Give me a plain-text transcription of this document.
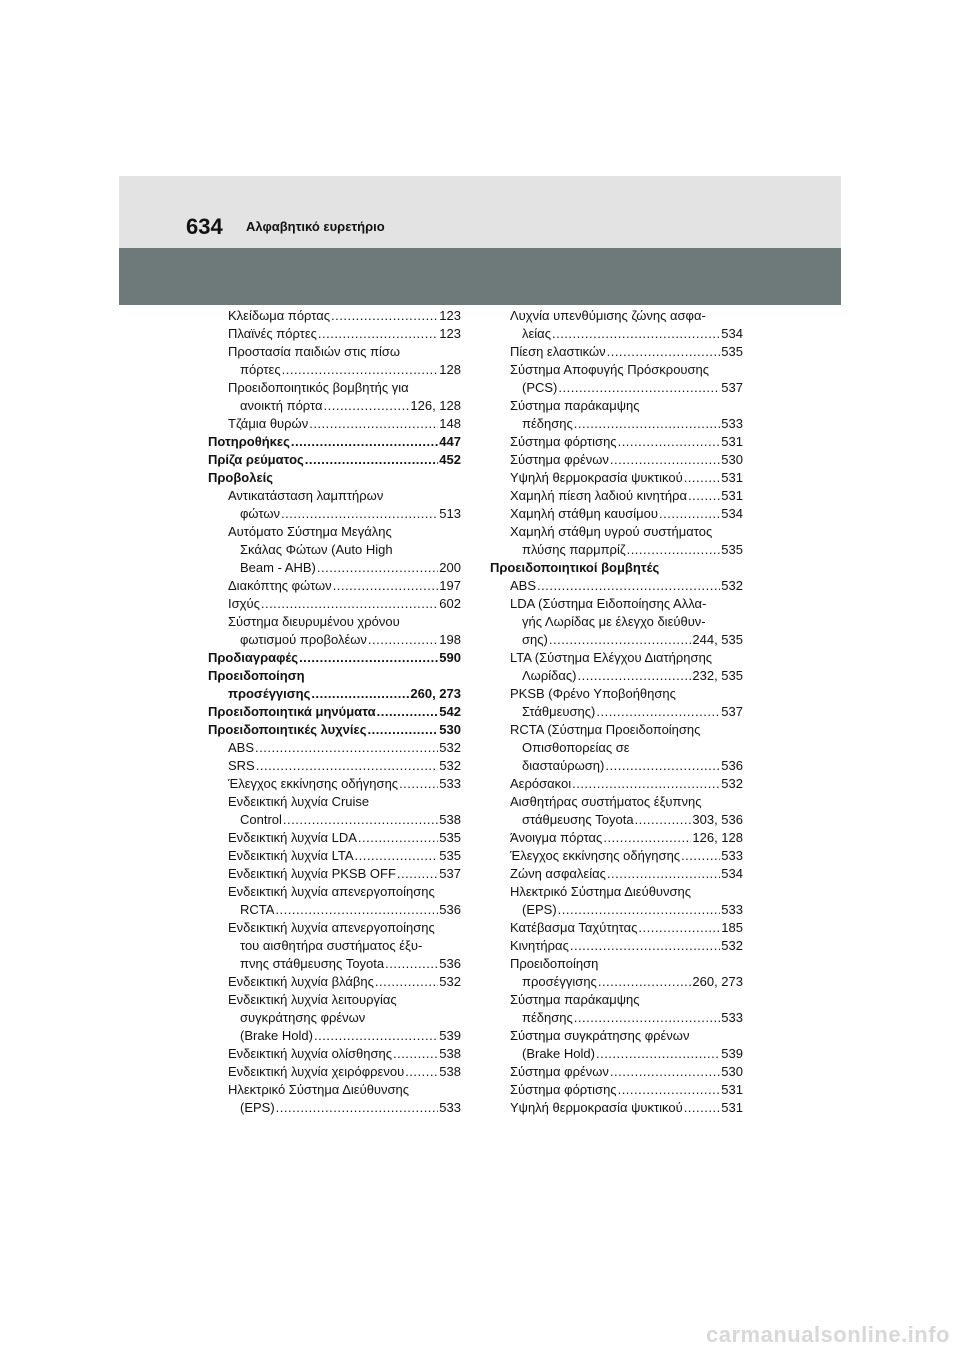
634 Αλφαβητικό ευρετήριο
Κλείδωμα πόρτας .....	123
Πλαϊνές πόρτες .....	123
Προστασία παιδιών στις πίσω
πόρτες .....	128
Προειδοποιητικός βομβητής για
ανοικτή πόρτα .....	126, 128
Τζάμια θυρών .....	148
Ποτηροθήκες .....	447
Πρίζα ρεύματος .....	452
Προβολείς
Αντικατάσταση λαμπτήρων
φώτων .....	513
Αυτόματο Σύστημα Μεγάλης
Σκάλας Φώτων (Auto High
Beam - AHB) .....	200
Διακόπτης φώτων .....	197
Ισχύς .....	602
Σύστημα διευρυμένου χρόνου
φωτισμού προβολέων .....	198
Προδιαγραφές .....	590
Προειδοποίηση
προσέγγισης .....	260, 273
Προειδοποιητικά μηνύματα .....	542
Προειδοποιητικές λυχνίες .....	530
ABS .....	532
SRS .....	532
Έλεγχος εκκίνησης οδήγησης .....	533
Ενδεικτική λυχνία Cruise
Control .....	538
Ενδεικτική λυχνία LDA .....	535
Ενδεικτική λυχνία LTA .....	535
Ενδεικτική λυχνία PKSB OFF .....	537
Ενδεικτική λυχνία απενεργοποίησης
RCTA .....	536
Ενδεικτική λυχνία απενεργοποίησης
του αισθητήρα συστήματος έξυ-
πνης στάθμευσης Toyota .....	536
Ενδεικτική λυχνία βλάβης .....	532
Ενδεικτική λυχνία λειτουργίας
συγκράτησης φρένων
(Brake Hold) .....	539
Ενδεικτική λυχνία ολίσθησης .....	538
Ενδεικτική λυχνία χειρόφρενου .....	538
Ηλεκτρικό Σύστημα Διεύθυνσης
(EPS) .....	533
Λυχνία υπενθύμισης ζώνης ασφα-
λείας .....	534
Πίεση ελαστικών .....	535
Σύστημα Αποφυγής Πρόσκρουσης
(PCS) .....	537
Σύστημα παράκαμψης
πέδησης .....	533
Σύστημα φόρτισης .....	531
Σύστημα φρένων .....	530
Υψηλή θερμοκρασία ψυκτικού .....	531
Χαμηλή πίεση λαδιού κινητήρα .....	531
Χαμηλή στάθμη καυσίμου .....	534
Χαμηλή στάθμη υγρού συστήματος
πλύσης παρμπρίζ .....	535
Προειδοποιητικοί βομβητές
ABS .....	532
LDA (Σύστημα Ειδοποίησης Αλλα-
γής Λωρίδας με έλεγχο διεύθυν-
σης) .....	244, 535
LTA (Σύστημα Ελέγχου Διατήρησης
Λωρίδας) .....	232, 535
PKSB (Φρένο Υποβοήθησης
Στάθμευσης) .....	537
RCTA (Σύστημα Προειδοποίησης
Οπισθοπορείας σε
διασταύρωση) .....	536
Αερόσακοι .....	532
Αισθητήρας συστήματος έξυπνης
στάθμευσης Toyota .....	303, 536
Άνοιγμα πόρτας .....	126, 128
Έλεγχος εκκίνησης οδήγησης .....	533
Ζώνη ασφαλείας .....	534
Ηλεκτρικό Σύστημα Διεύθυνσης
(EPS) .....	533
Κατέβασμα Ταχύτητας .....	185
Κινητήρας .....	532
Προειδοποίηση
προσέγγισης .....	260, 273
Σύστημα παράκαμψης
πέδησης .....	533
Σύστημα συγκράτησης φρένων
(Brake Hold) .....	539
Σύστημα φρένων .....	530
Σύστημα φόρτισης .....	531
Υψηλή θερμοκρασία ψυκτικού .....	531
carmanualsonline.info
